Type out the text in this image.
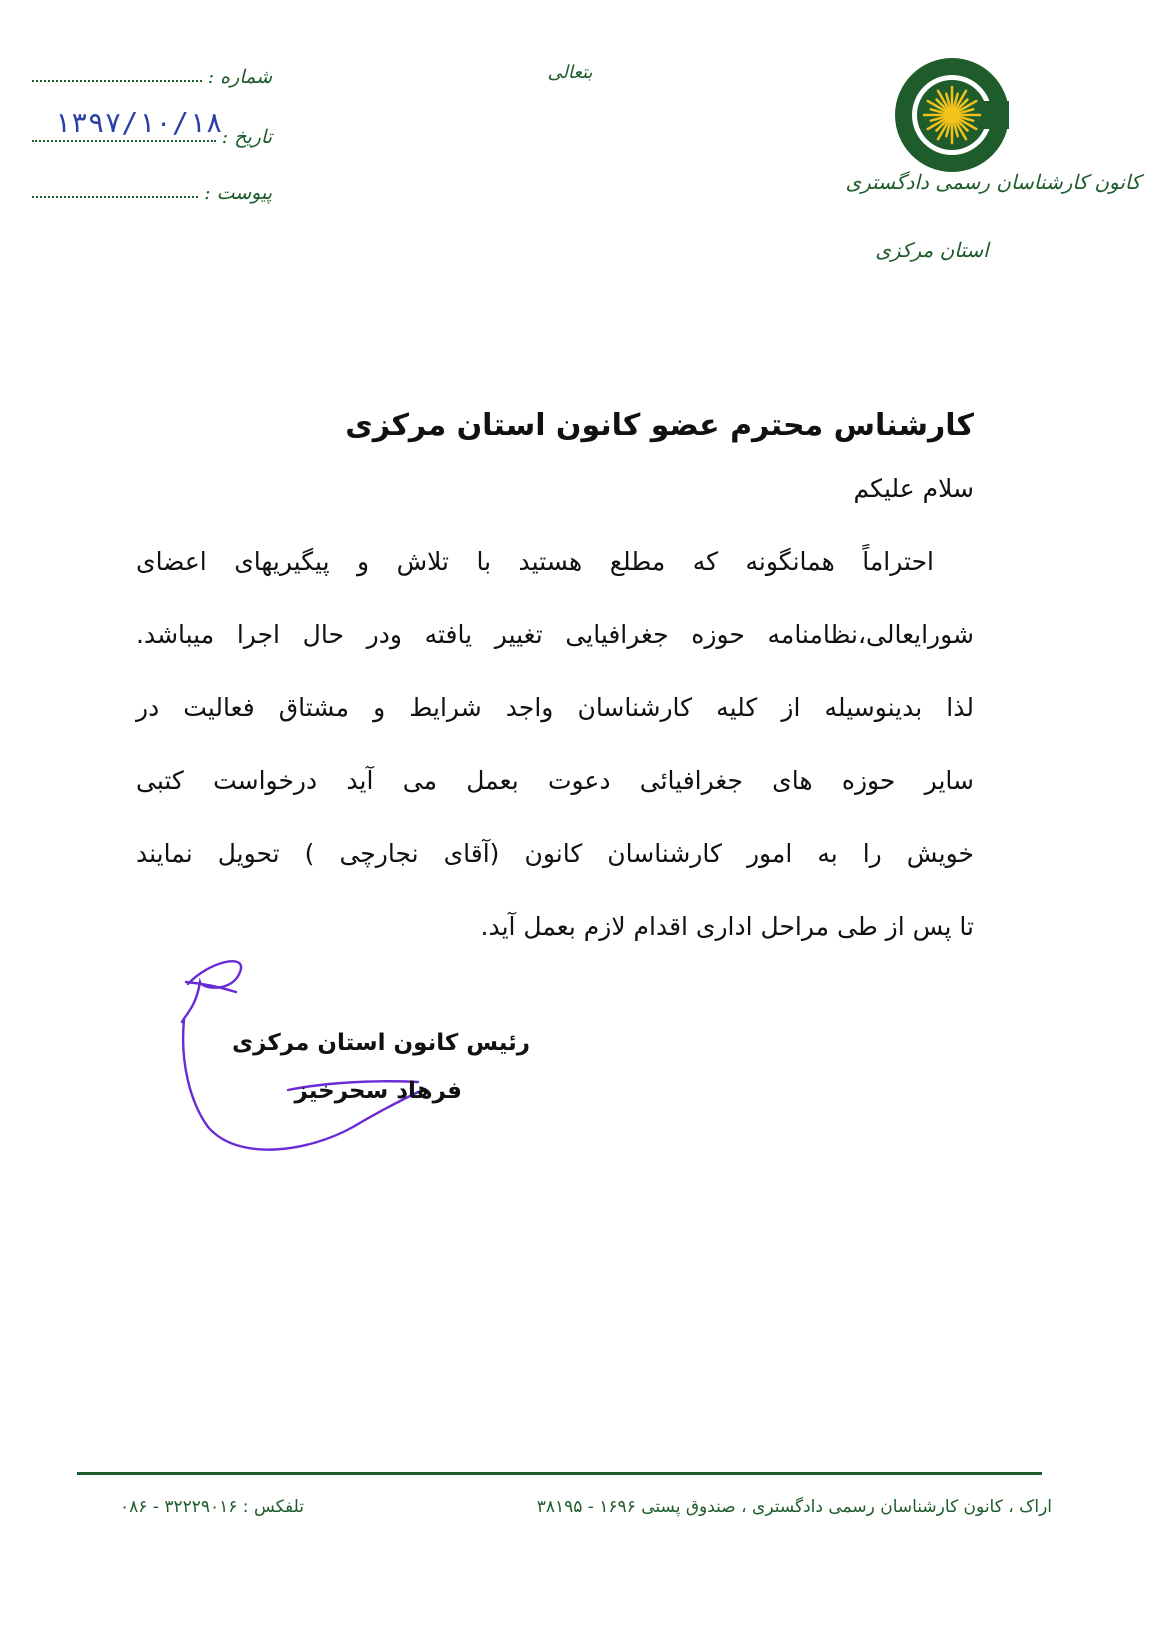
شماره :
تاریخ :
۱۳۹۷/۱۰/۱۸
پیوست :
بتعالی
کانون کارشناسان رسمی دادگستری
استان مرکزی
کارشناس محترم عضو کانون استان مرکزی
سلام علیکم
احتراماً همانگونه که مطلع هستید با تلاش و پیگیریهای اعضای
شورایعالی،نظامنامه حوزه جغرافیایی تغییر یافته ودر حال اجرا میباشد.
لذا بدینوسیله از کلیه کارشناسان واجد شرایط و مشتاق فعالیت در
سایر حوزه های جغرافیائی دعوت بعمل می آید درخواست کتبی
خویش را به امور کارشناسان کانون (آقای نجارچی ) تحویل نمایند
تا پس از طی مراحل اداری اقدام لازم بعمل آید.
رئیس کانون استان مرکزی
فرهاد سحرخیز
اراک ، کانون کارشناسان رسمی دادگستری ، صندوق پستی ۱۶۹۶ - ۳۸۱۹۵
تلفکس : ۳۲۲۲۹۰۱۶ - ۰۸۶
